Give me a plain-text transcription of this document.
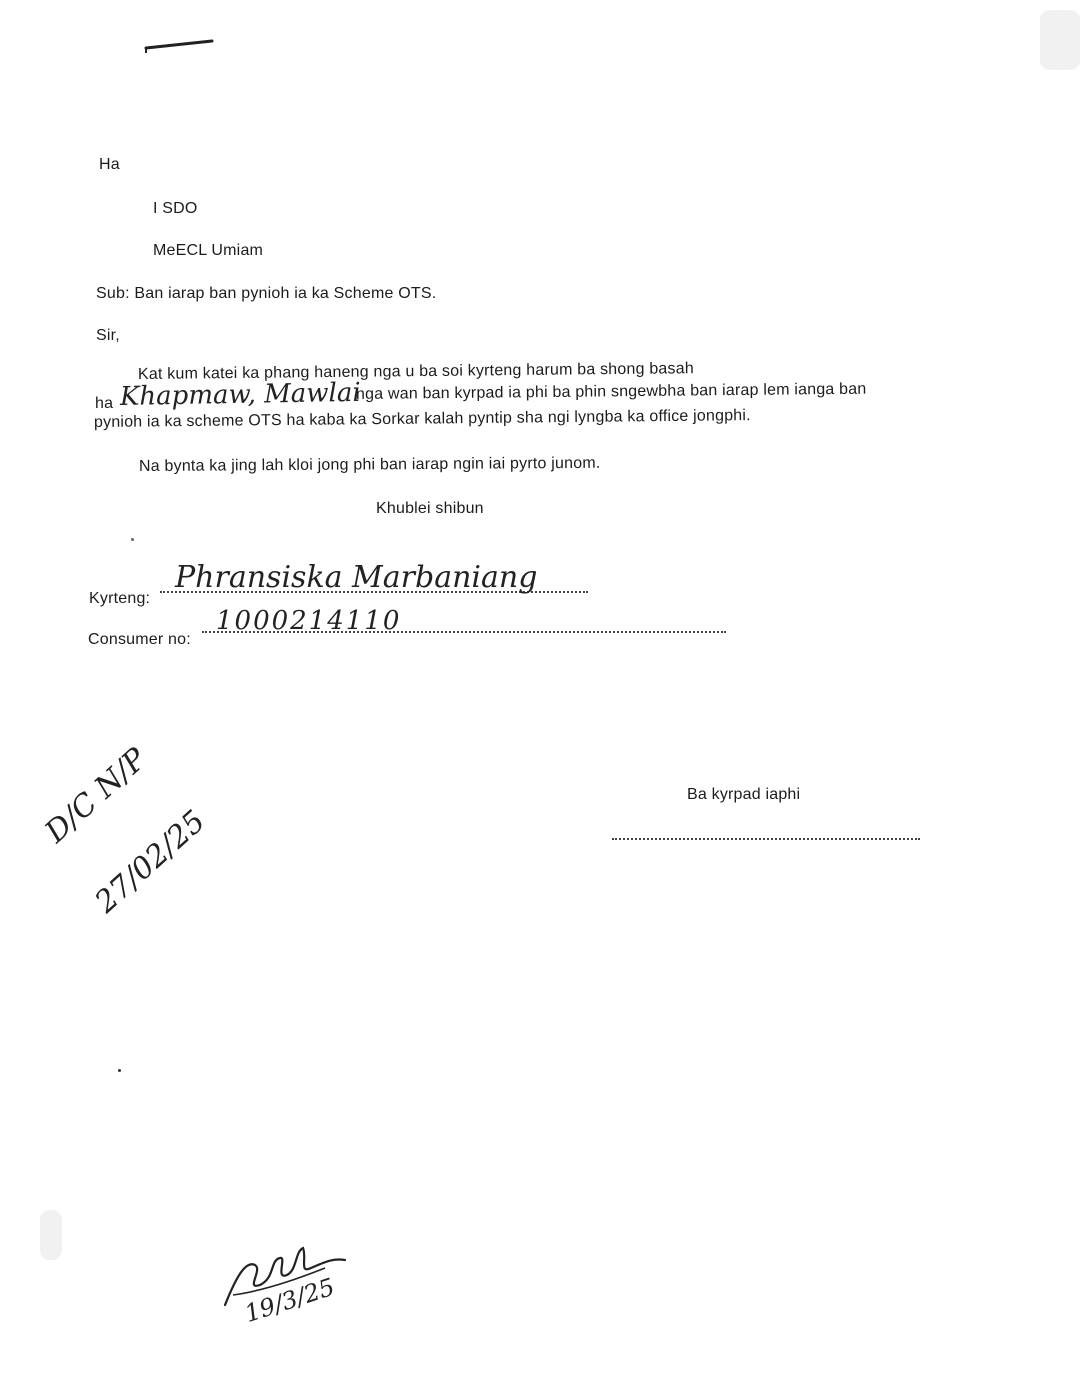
Ha
I SDO
MeECL Umiam
Sub: Ban iarap ban pynioh ia ka Scheme OTS.
Sir,
Kat kum katei ka phang haneng nga u ba soi kyrteng harum ba shong basah
ha Khapmaw, Mawlai
nga wan ban kyrpad ia phi ba phin sngewbha ban iarap lem ianga ban
pynioh ia ka scheme OTS ha kaba ka Sorkar kalah pyntip sha ngi lyngba ka office jongphi.
Na bynta ka jing lah kloi jong phi ban iarap ngin iai pyrto junom.
Khublei shibun
Kyrteng:
Phransiska Marbaniang
Consumer no:
1000214110
Ba kyrpad iaphi
D/C N/P
27/02/25
19/3/25
